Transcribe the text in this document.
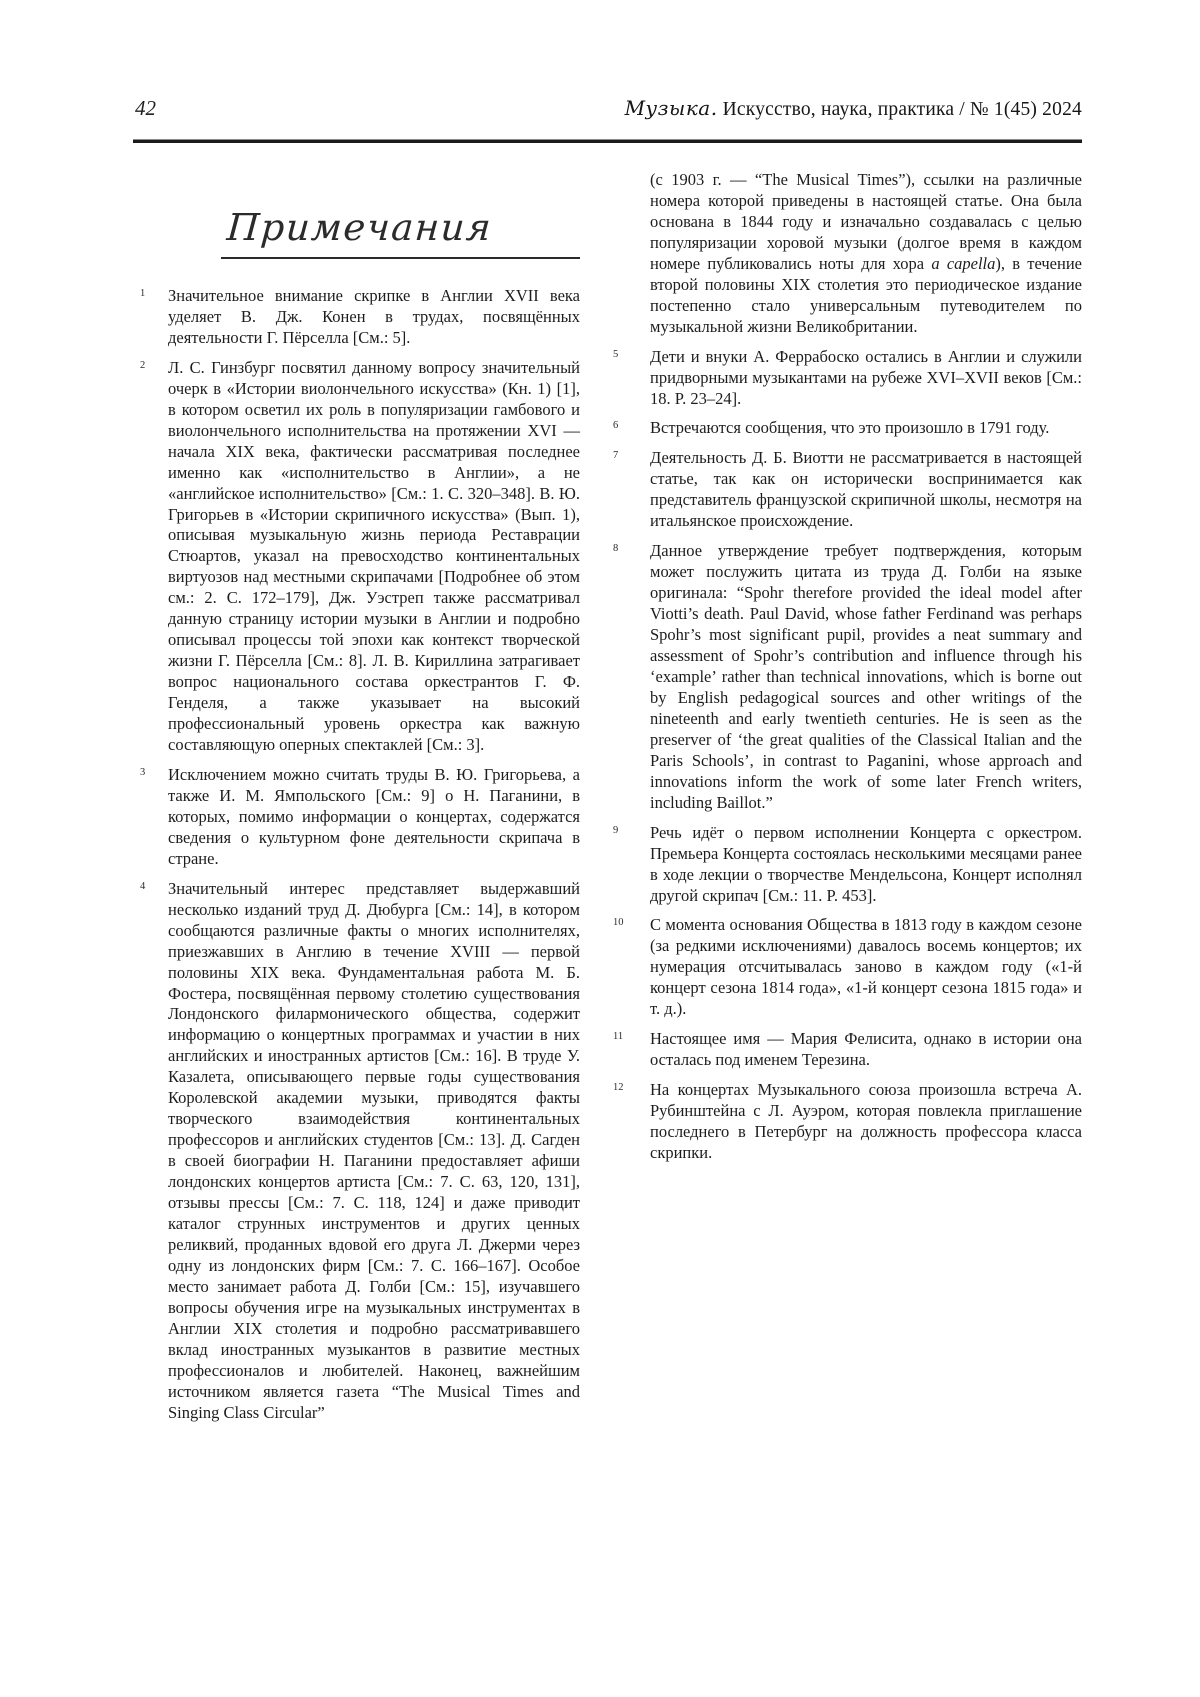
42	Музыка. Искусство, наука, практика / № 1(45) 2024
Примечания
1	Значительное внимание скрипке в Англии XVII века уделяет В. Дж. Конен в трудах, посвящённых деятельности Г. Пёрселла [См.: 5].
2	Л. С. Гинзбург посвятил данному вопросу значительный очерк в «Истории виолончельного искусства» (Кн. 1) [1], в котором осветил их роль в популяризации гамбового и виолончельного исполнительства на протяжении XVI — начала XIX века, фактически рассматривая последнее именно как «исполнительство в Англии», а не «английское исполнительство» [См.: 1. С. 320–348]. В. Ю. Григорьев в «Истории скрипичного искусства» (Вып. 1), описывая музыкальную жизнь периода Реставрации Стюартов, указал на превосходство континентальных виртуозов над местными скрипачами [Подробнее об этом см.: 2. С. 172–179], Дж. Уэстреп также рассматривал данную страницу истории музыки в Англии и подробно описывал процессы той эпохи как контекст творческой жизни Г. Пёрселла [См.: 8]. Л. В. Кириллина затрагивает вопрос национального состава оркестрантов Г. Ф. Генделя, а также указывает на высокий профессиональный уровень оркестра как важную составляющую оперных спектаклей [См.: 3].
3	Исключением можно считать труды В. Ю. Григорьева, а также И. М. Ямпольского [См.: 9] о Н. Паганини, в которых, помимо информации о концертах, содержатся сведения о культурном фоне деятельности скрипача в стране.
4	Значительный интерес представляет выдержавший несколько изданий труд Д. Дюбурга [См.: 14], в котором сообщаются различные факты о многих исполнителях, приезжавших в Англию в течение XVIII — первой половины XIX века. Фундаментальная работа М. Б. Фостера, посвящённая первому столетию существования Лондонского филармонического общества, содержит информацию о концертных программах и участии в них английских и иностранных артистов [См.: 16]. В труде У. Казалета, описывающего первые годы существования Королевской академии музыки, приводятся факты творческого взаимодействия континентальных профессоров и английских студентов [См.: 13]. Д. Сагден в своей биографии Н. Паганини предоставляет афиши лондонских концертов артиста [См.: 7. С. 63, 120, 131], отзывы прессы [См.: 7. С. 118, 124] и даже приводит каталог струнных инструментов и других ценных реликвий, проданных вдовой его друга Л. Джерми через одну из лондонских фирм [См.: 7. С. 166–167]. Особое место занимает работа Д. Голби [См.: 15], изучавшего вопросы обучения игре на музыкальных инструментах в Англии XIX столетия и подробно рассматривавшего вклад иностранных музыкантов в развитие местных профессионалов и любителей. Наконец, важнейшим источником является газета “The Musical Times and Singing Class Circular”
(с 1903 г. — “The Musical Times”), ссылки на различные номера которой приведены в настоящей статье. Она была основана в 1844 году и изначально создавалась с целью популяризации хоровой музыки (долгое время в каждом номере публиковались ноты для хора a capella), в течение второй половины XIX столетия это периодическое издание постепенно стало универсальным путеводителем по музыкальной жизни Великобритании.
5	Дети и внуки А. Феррабоско остались в Англии и служили придворными музыкантами на рубеже XVI–XVII веков [См.: 18. P. 23–24].
6	Встречаются сообщения, что это произошло в 1791 году.
7	Деятельность Д. Б. Виотти не рассматривается в настоящей статье, так как он исторически воспринимается как представитель французской скрипичной школы, несмотря на итальянское происхождение.
8	Данное утверждение требует подтверждения, которым может послужить цитата из труда Д. Голби на языке оригинала: “Spohr therefore provided the ideal model after Viotti’s death. Paul David, whose father Ferdinand was perhaps Spohr’s most significant pupil, provides a neat summary and assessment of Spohr’s contribution and influence through his ‘example’ rather than technical innovations, which is borne out by English pedagogical sources and other writings of the nineteenth and early twentieth centuries. He is seen as the preserver of ‘the great qualities of the Classical Italian and the Paris Schools’, in contrast to Paganini, whose approach and innovations inform the work of some later French writers, including Baillot.”
9	Речь идёт о первом исполнении Концерта с оркестром. Премьера Концерта состоялась несколькими месяцами ранее в ходе лекции о творчестве Мендельсона, Концерт исполнял другой скрипач [См.: 11. P. 453].
10	С момента основания Общества в 1813 году в каждом сезоне (за редкими исключениями) давалось восемь концертов; их нумерация отсчитывалась заново в каждом году («1-й концерт сезона 1814 года», «1-й концерт сезона 1815 года» и т. д.).
11	Настоящее имя — Мария Фелисита, однако в истории она осталась под именем Терезина.
12	На концертах Музыкального союза произошла встреча А. Рубинштейна с Л. Ауэром, которая повлекла приглашение последнего в Петербург на должность профессора класса скрипки.
